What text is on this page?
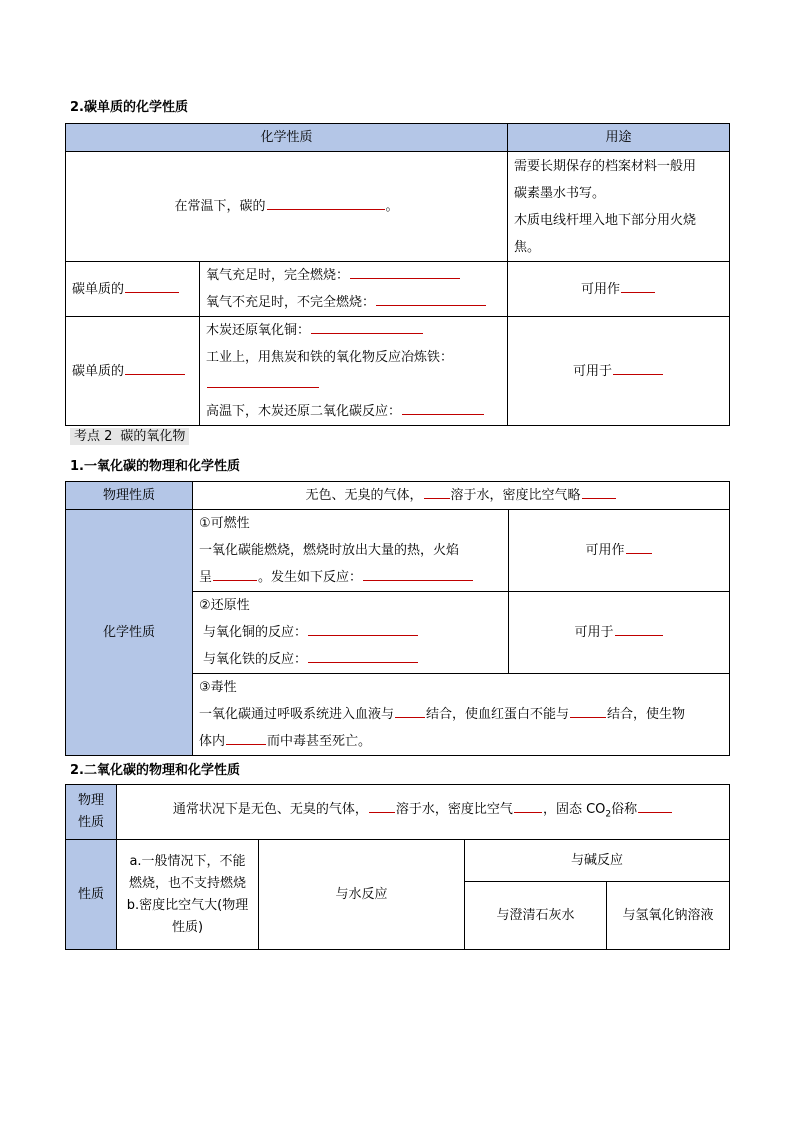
2.碳单质的化学性质
化学性质		用途
在常温下，碳的 。		需要长期保存的档案材料一般用
碳素墨水书写。
木质电线杆埋入地下部分用火烧
焦。

碳单质的	氧气充足时，完全燃烧：
氧气不充足时，不完全燃烧：	可用作
碳单质的	木炭还原氧化铜：
工业上，用焦炭和铁的氧化物反应冶炼铁：
高温下，木炭还原二氧化碳反应：	可用于
考点 2 碳的氧化物
1.一氧化碳的物理和化学性质
物理性质	无色、无臭的气体， 溶于水，密度比空气略	
化学性质	①可燃性
一氧化碳能燃烧，燃烧时放出大量的热，火焰
呈 。发生如下反应：	可用作

	②还原性
与氧化铜的反应：
与氧化铁的反应：	可用于

	③毒性
一氧化碳通过呼吸系统进入血液与 结合，使血红蛋白不能与 结合，使生物
体内 而中毒甚至死亡。	
2.二氧化碳的物理和化学性质
物理
性质	通常状况下是无色、无臭的气体， 溶于水，密度比空气 ，固态 $CO_2$俗称			
性质	a.一般情况下，不能
燃烧，也不支持燃烧
b.密度比空气大(物理
性质)	与水反应	与碱反应	
			与澄清石灰水	与氢氧化钠溶液
